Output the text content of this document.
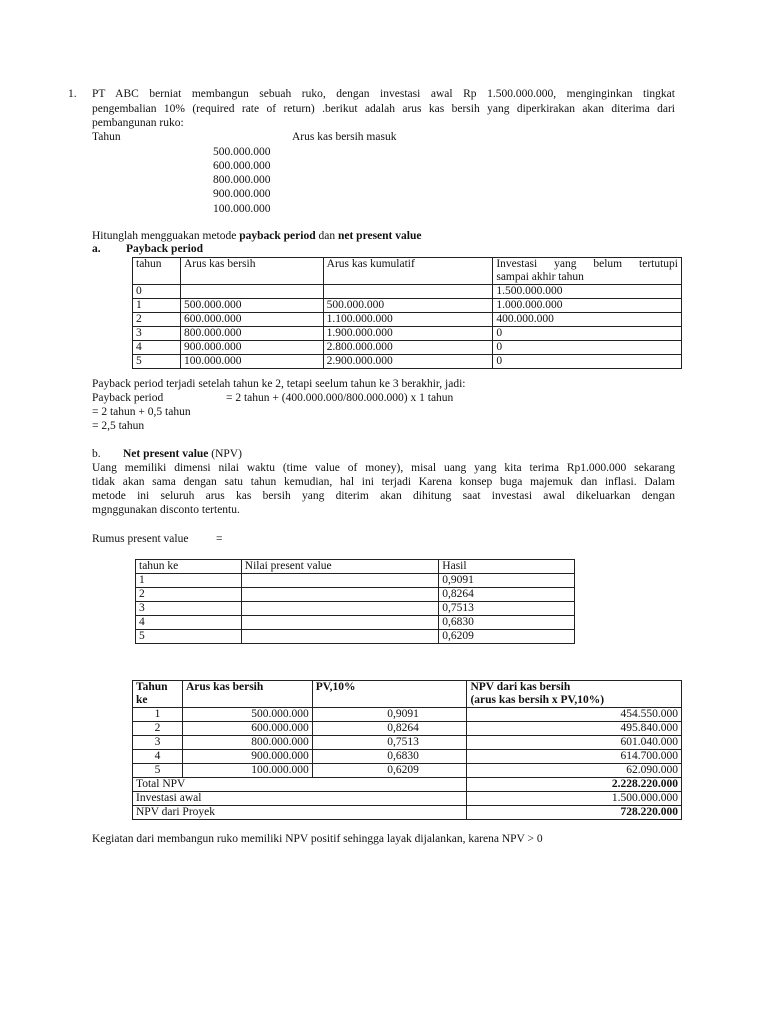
1. PT ABC berniat membangun sebuah ruko, dengan investasi awal Rp 1.500.000.000, menginginkan tingkat
pengembalian 10% (required rate of return) .berikut adalah arus kas bersih yang diperkirakan akan diterima dari
pembangunan ruko:
Tahun	Arus kas bersih masuk
500.000.000
600.000.000
800.000.000
900.000.000
100.000.000
Hitunglah mengguakan metode payback period dan net present value
a. Payback period
tahun	Arus kas bersih	Arus kas kumulatif	Investasi yang belum tertutupi
sampai akhir tahun

0			1.500.000.000
1	500.000.000	500.000.000	1.000.000.000
2	600.000.000	1.100.000.000	400.000.000
3	800.000.000	1.900.000.000	0
4	900.000.000	2.800.000.000	0
5	100.000.000	2.900.000.000	0
Payback period terjadi setelah tahun ke 2, tetapi seelum tahun ke 3 berakhir, jadi:
Payback period	= 2 tahun + (400.000.000/800.000.000) x 1 tahun
= 2 tahun + 0,5 tahun
= 2,5 tahun
b. Net present value (NPV)
Uang memiliki dimensi nilai waktu (time value of money), misal uang yang kita terima Rp1.000.000 sekarang
tidak akan sama dengan satu tahun kemudian, hal ini terjadi Karena konsep buga majemuk dan inflasi. Dalam
metode ini seluruh arus kas bersih yang diterim akan dihitung saat investasi awal dikeluarkan dengan
mgnggunakan disconto tertentu.
Rumus present value =
tahun ke	Nilai present value	Hasil
1		0,9091
2		0,8264
3		0,7513
4		0,6830
5		0,6209
Tahun
ke	Arus kas bersih	PV,10%	NPV dari kas bersih
(arus kas bersih x PV,10%)
1	500.000.000	0,9091	454.550.000
2	600.000.000	0,8264	495.840.000
3	800.000.000	0,7513	601.040.000
4	900.000.000	0,6830	614.700.000
5	100.000.000	0,6209	62.090.000
Total NPV			2.228.220.000
Investasi awal			1.500.000.000
NPV dari Proyek			728.220.000
Kegiatan dari membangun ruko memiliki NPV positif sehingga layak dijalankan, karena NPV > 0
